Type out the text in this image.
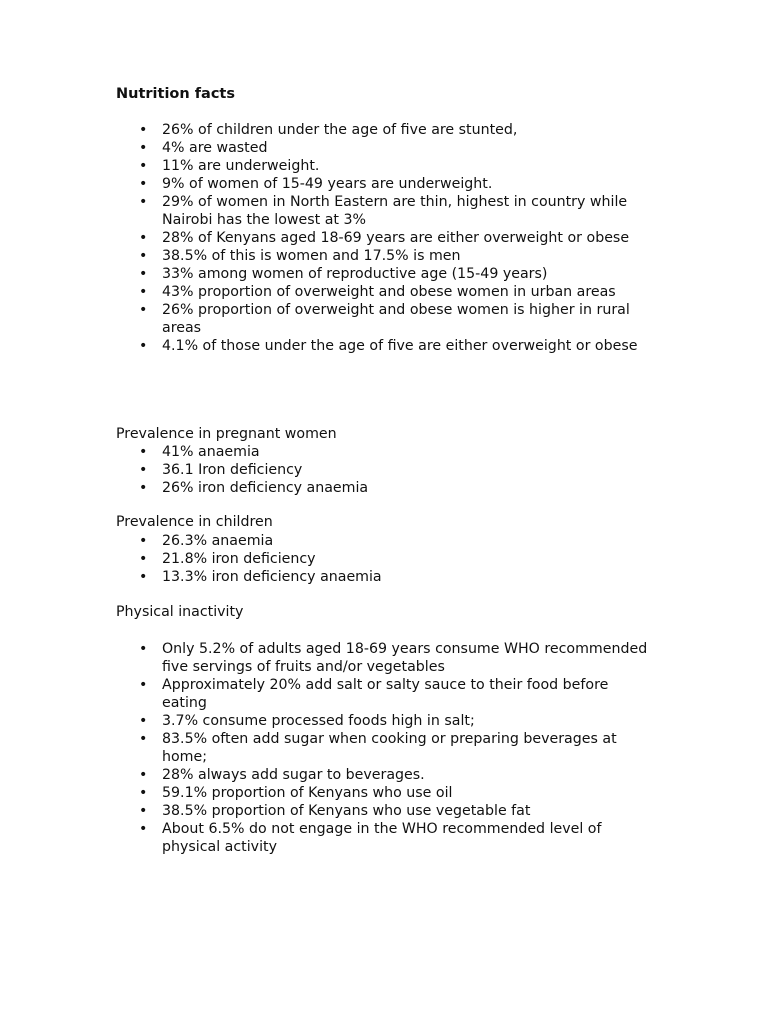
Nutrition facts
• 26% of children under the age of five are stunted,
• 4% are wasted
• 11% are underweight.
• 9% of women of 15-49 years are underweight.
• 29% of women in North Eastern are thin, highest in country while Nairobi has the lowest at 3%
• 28% of Kenyans aged 18-69 years are either overweight or obese
• 38.5% of this is women and 17.5% is men
• 33% among women of reproductive age (15-49 years)
• 43% proportion of overweight and obese women in urban areas
• 26% proportion of overweight and obese women is higher in rural areas
• 4.1% of those under the age of five are either overweight or obese
Prevalence in pregnant women
• 41% anaemia
• 36.1 Iron deficiency
• 26% iron deficiency anaemia
Prevalence in children
• 26.3% anaemia
• 21.8% iron deficiency
• 13.3% iron deficiency anaemia
Physical inactivity
• Only 5.2% of adults aged 18-69 years consume WHO recommended five servings of fruits and/or vegetables
• Approximately 20% add salt or salty sauce to their food before eating
• 3.7% consume processed foods high in salt;
• 83.5% often add sugar when cooking or preparing beverages at home;
• 28% always add sugar to beverages.
• 59.1% proportion of Kenyans who use oil
• 38.5% proportion of Kenyans who use vegetable fat
• About 6.5% do not engage in the WHO recommended level of physical activity
